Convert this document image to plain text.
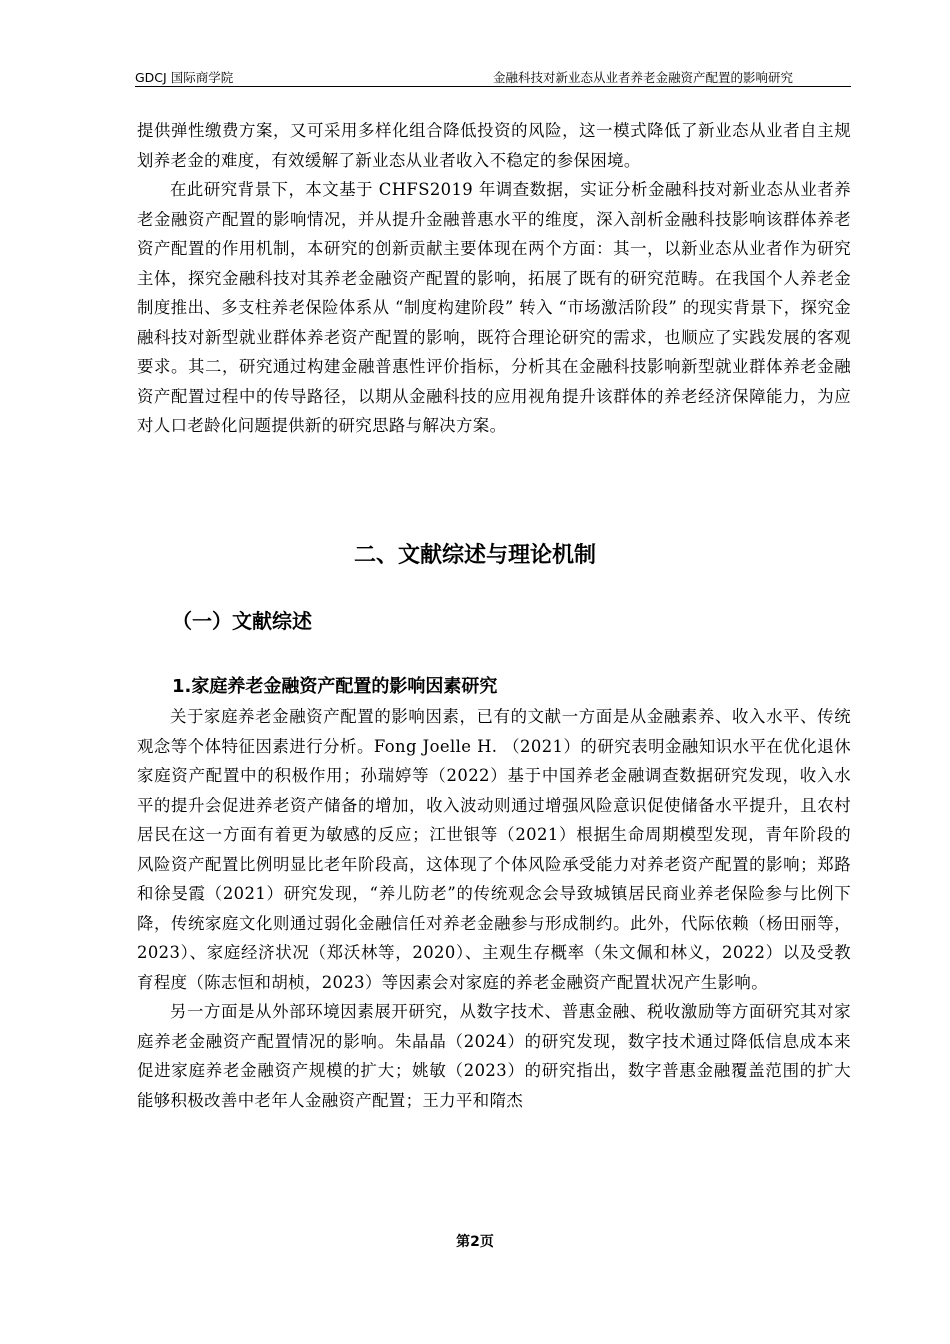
GDCJ 国际商学院	金融科技对新业态从业者养老金融资产配置的影响研究

提供弹性缴费方案，又可采用多样化组合降低投资的风险，这一模式降低了新业态从业者自主规划养老金的难度，有效缓解了新业态从业者收入不稳定的参保困境。

在此研究背景下，本文基于 CHFS2019 年调查数据，实证分析金融科技对新业态从业者养老金融资产配置的影响情况，并从提升金融普惠水平的维度，深入剖析金融科技影响该群体养老资产配置的作用机制，本研究的创新贡献主要体现在两个方面：其一，以新业态从业者作为研究主体，探究金融科技对其养老金融资产配置的影响，拓展了既有的研究范畴。在我国个人养老金制度推出、多支柱养老保险体系从 “制度构建阶段” 转入 “市场激活阶段” 的现实背景下，探究金融科技对新型就业群体养老资产配置的影响，既符合理论研究的需求，也顺应了实践发展的客观要求。其二，研究通过构建金融普惠性评价指标，分析其在金融科技影响新型就业群体养老金融资产配置过程中的传导路径，以期从金融科技的应用视角提升该群体的养老经济保障能力，为应对人口老龄化问题提供新的研究思路与解决方案。

二、文献综述与理论机制
（一）文献综述
1.家庭养老金融资产配置的影响因素研究

关于家庭养老金融资产配置的影响因素，已有的文献一方面是从金融素养、收入水平、传统观念等个体特征因素进行分析。Fong Joelle H. （2021）的研究表明金融知识水平在优化退休家庭资产配置中的积极作用；孙瑞婷等（2022）基于中国养老金融调查数据研究发现，收入水平的提升会促进养老资产储备的增加，收入波动则通过增强风险意识促使储备水平提升，且农村居民在这一方面有着更为敏感的反应；江世银等（2021）根据生命周期模型发现，青年阶段的风险资产配置比例明显比老年阶段高，这体现了个体风险承受能力对养老资产配置的影响；郑路和徐旻霞（2021）研究发现，“养儿防老”的传统观念会导致城镇居民商业养老保险参与比例下降，传统家庭文化则通过弱化金融信任对养老金融参与形成制约。此外，代际依赖（杨田丽等，2023）、家庭经济状况（郑沃林等，2020）、主观生存概率（朱文佩和林义，2022）以及受教育程度（陈志恒和胡桢，2023）等因素会对家庭的养老金融资产配置状况产生影响。

另一方面是从外部环境因素展开研究，从数字技术、普惠金融、税收激励等方面研究其对家庭养老金融资产配置情况的影响。朱晶晶（2024）的研究发现，数字技术通过降低信息成本来促进家庭养老金融资产规模的扩大；姚敏（2023）的研究指出，数字普惠金融覆盖范围的扩大能够积极改善中老年人金融资产配置；王力平和隋杰

第2页
